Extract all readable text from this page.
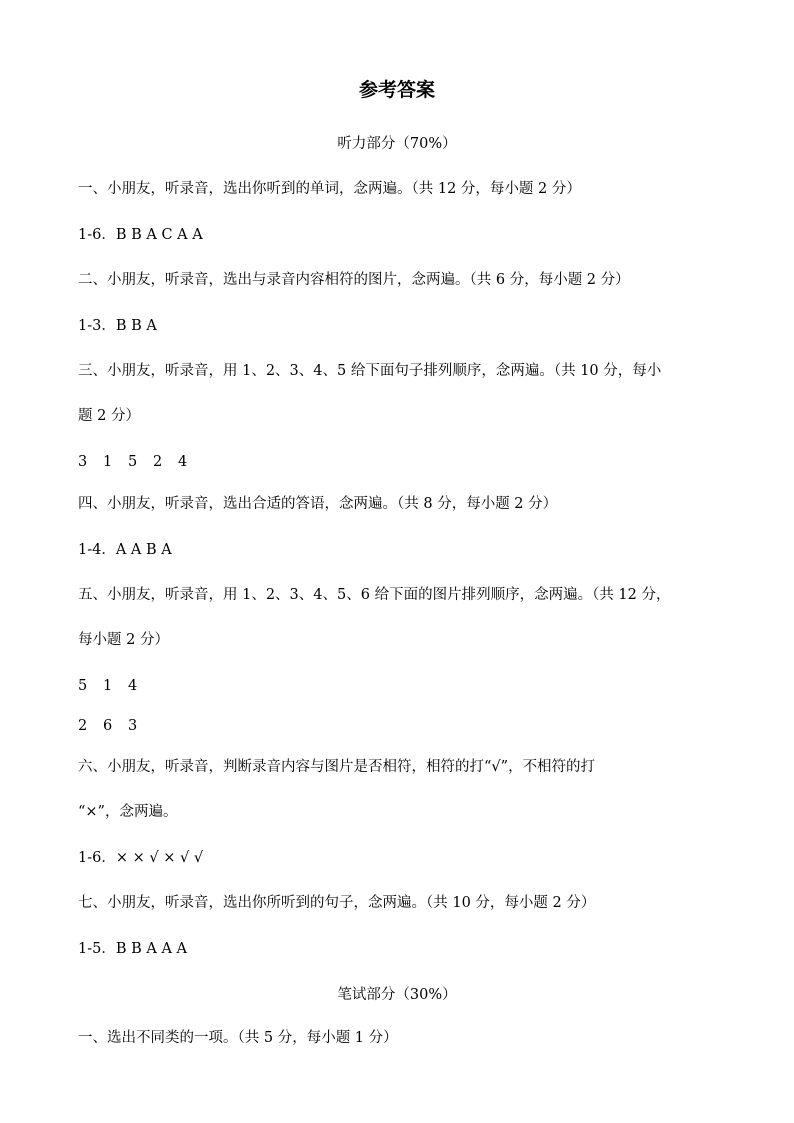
参考答案
听力部分（70%）
一、小朋友，听录音，选出你听到的单词，念两遍。（共 12 分，每小题 2 分）
1-6．B B A C A A
二、小朋友，听录音，选出与录音内容相符的图片，念两遍。（共 6 分，每小题 2 分）
1-3．B B A
三、小朋友，听录音，用 1、2、3、4、5 给下面句子排列顺序，念两遍。（共 10 分，每小
题 2 分）
3 1 5 2 4
四、小朋友，听录音，选出合适的答语，念两遍。（共 8 分，每小题 2 分）
1-4．A A B A
五、小朋友，听录音，用 1、2、3、4、5、6 给下面的图片排列顺序，念两遍。（共 12 分，
每小题 2 分）
5 1 4
2 6 3
六、小朋友，听录音，判断录音内容与图片是否相符，相符的打“√”，不相符的打
“×”，念两遍。
1-6．× × √ × √ √
七、小朋友，听录音，选出你所听到的句子，念两遍。（共 10 分，每小题 2 分）
1-5．B B A A A
笔试部分（30%）
一、选出不同类的一项。（共 5 分，每小题 1 分）
